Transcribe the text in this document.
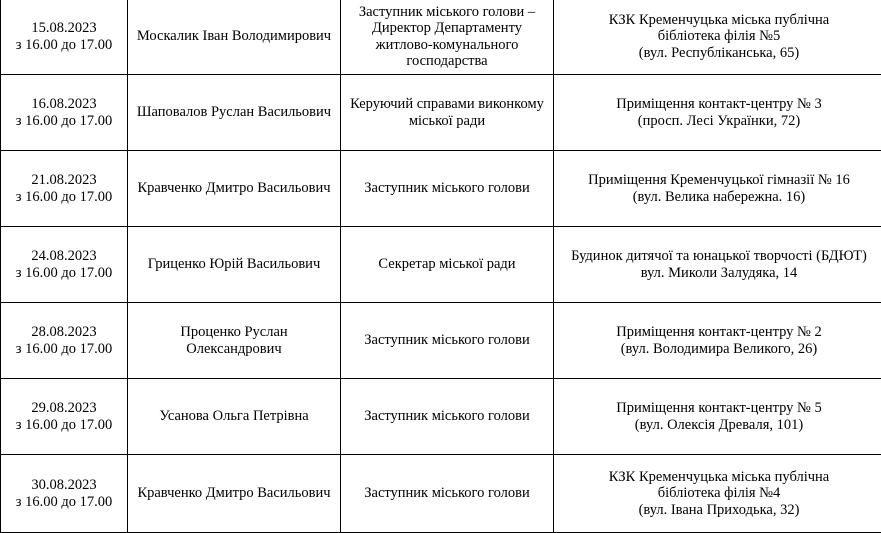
15.08.2023
з 16.00 до 17.00	Москалик Іван Володимирович	Заступник міського голови –
Директор Департаменту
житлово-комунального
господарства	КЗК Кременчуцька міська публічна
бібліотека філія №5
(вул. Республіканська, 65)

16.08.2023
з 16.00 до 17.00	Шаповалов Руслан Васильович	Керуючий справами виконкому
міської ради	Приміщення контакт-центру № 3
(просп. Лесі Українки, 72)

21.08.2023
з 16.00 до 17.00	Кравченко Дмитро Васильович	Заступник міського голови	Приміщення Кременчуцької гімназії № 16
(вул. Велика набережна. 16)

24.08.2023
з 16.00 до 17.00	Гриценко Юрій Васильович	Секретар міської ради	Будинок дитячої та юнацької творчості (БДЮТ)
вул. Миколи Залудяка, 14

28.08.2023
з 16.00 до 17.00	Проценко Руслан
Олександрович	Заступник міського голови	Приміщення контакт-центру № 2
(вул. Володимира Великого, 26)

29.08.2023
з 16.00 до 17.00	Усанова Ольга Петрівна	Заступник міського голови	Приміщення контакт-центру № 5
(вул. Олексія Древаля, 101)

30.08.2023
з 16.00 до 17.00	Кравченко Дмитро Васильович	Заступник міського голови	КЗК Кременчуцька міська публічна
бібліотека філія №4
(вул. Івана Приходька, 32)
